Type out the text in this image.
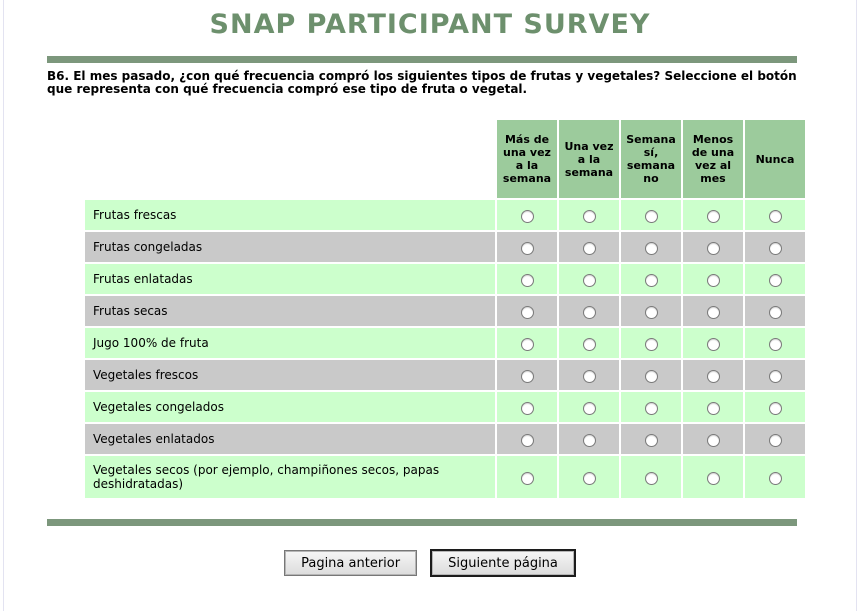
SNAP PARTICIPANT SURVEY
B6. El mes pasado, ¿con qué frecuencia compró los siguientes tipos de frutas y vegetales? Seleccione el botón que representa con qué frecuencia compró ese tipo de fruta o vegetal.
	Más de una vez a la semana	Una vez a la semana	Semana sí, semana no	Menos de una vez al mes	Nunca
Frutas frescas					
Frutas congeladas					
Frutas enlatadas					
Frutas secas					
Jugo 100% de fruta					
Vegetales frescos					
Vegetales congelados					
Vegetales enlatados					
Vegetales secos (por ejemplo, champiñones secos, papas deshidratadas)					
Pagina anterior	Siguiente página
